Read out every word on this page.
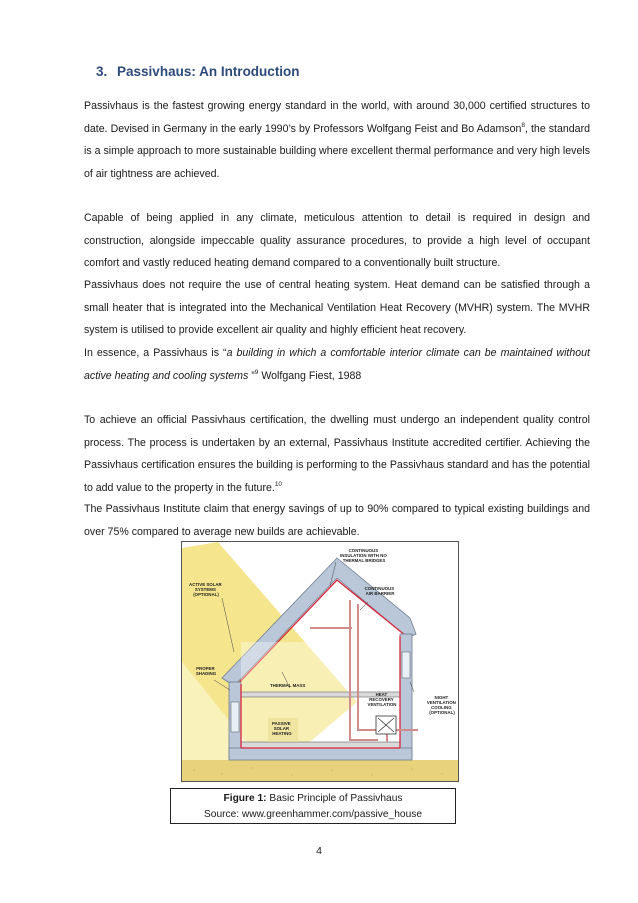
3. Passivhaus: An Introduction

Passivhaus is the fastest growing energy standard in the world, with around 30,000 certified structures to date. Devised in Germany in the early 1990’s by Professors Wolfgang Feist and Bo Adamson$^8$, the standard is a simple approach to more sustainable building where excellent thermal performance and very high levels of air tightness are achieved.

Capable of being applied in any climate, meticulous attention to detail is required in design and construction, alongside impeccable quality assurance procedures, to provide a high level of occupant comfort and vastly reduced heating demand compared to a conventionally built structure.

Passivhaus does not require the use of central heating system. Heat demand can be satisfied through a small heater that is integrated into the Mechanical Ventilation Heat Recovery (MVHR) system. The MVHR system is utilised to provide excellent air quality and highly efficient heat recovery.

In essence, a Passivhaus is “a building in which a comfortable interior climate can be maintained without active heating and cooling systems ”$^9$ Wolfgang Fiest, 1988

To achieve an official Passivhaus certification, the dwelling must undergo an independent quality control process. The process is undertaken by an external, Passivhaus Institute accredited certifier. Achieving the Passivhaus certification ensures the building is performing to the Passivhaus standard and has the potential to add value to the property in the future.$^{10}$

The Passivhaus Institute claim that energy savings of up to 90% compared to typical existing buildings and over 75% compared to average new builds are achievable.

CONTINUOUS INSULATION WITH NO THERMAL BRIDGES
CONTINUOUS AIR BARRIER
ACTIVE SOLAR SYSTEMS (OPTIONAL)
PROPER SHADING
THERMAL MASS
NIGHT VENTILATION COOLING (OPTIONAL)
HEAT RECOVERY VENTILATION
PASSIVE SOLAR HEATING
Figure 1: Basic Principle of Passivhaus
Source: www.greenhammer.com/passive_house
4
